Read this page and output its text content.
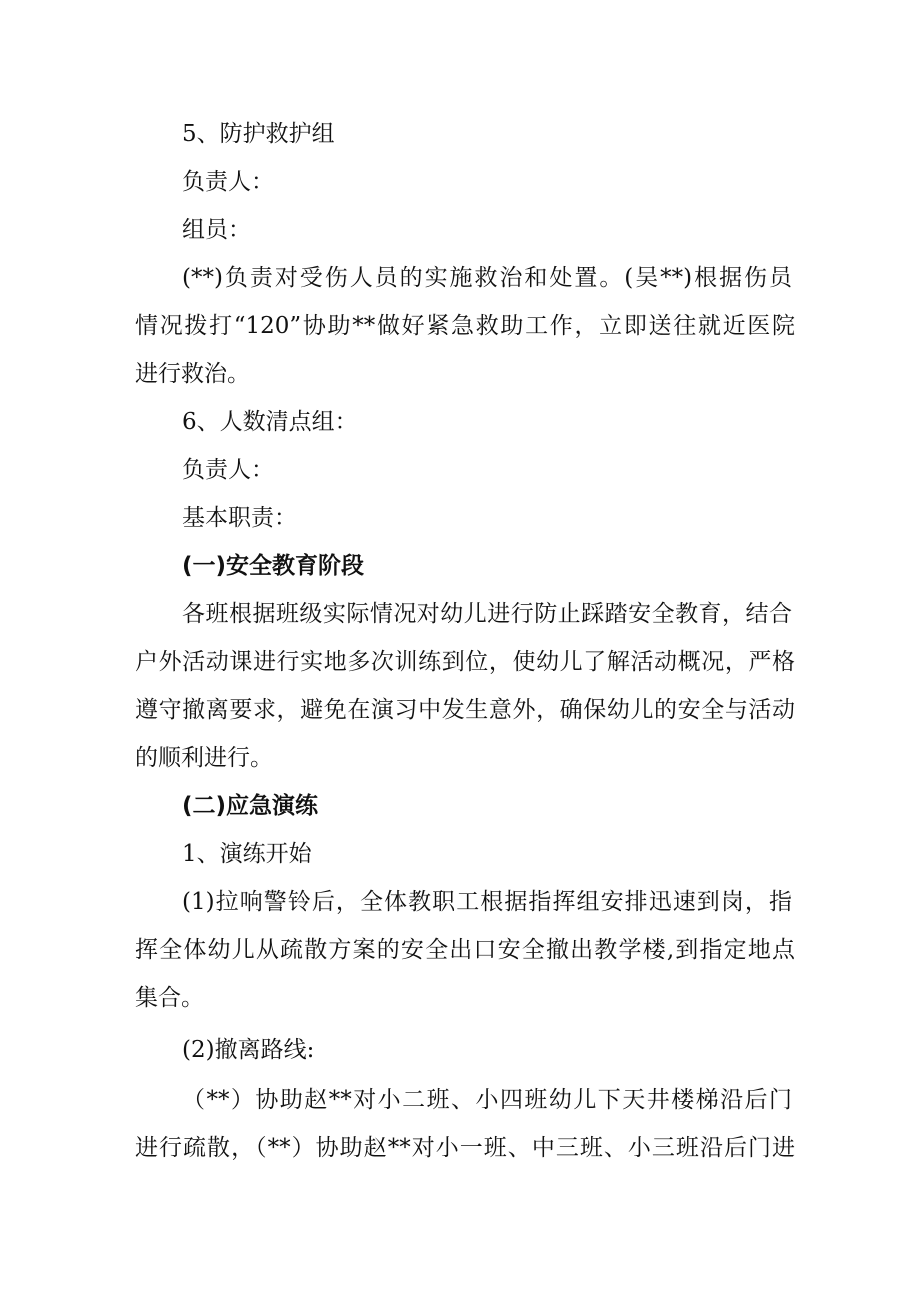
5、防护救护组
负责人：
组员：
(**)负责对受伤人员的实施救治和处置。(吴**)根据伤员
情况拨打“120”协助**做好紧急救助工作，立即送往就近医院
进行救治。
6、人数清点组：
负责人：
基本职责：
(一)安全教育阶段
各班根据班级实际情况对幼儿进行防止踩踏安全教育，结合
户外活动课进行实地多次训练到位，使幼儿了解活动概况，严格
遵守撤离要求，避免在演习中发生意外，确保幼儿的安全与活动
的顺利进行。
(二)应急演练
1、演练开始
(1)拉响警铃后，全体教职工根据指挥组安排迅速到岗，指
挥全体幼儿从疏散方案的安全出口安全撤出教学楼,到指定地点
集合。
(2)撤离路线:
（**）协助赵**对小二班、小四班幼儿下天井楼梯沿后门
进行疏散，（**）协助赵**对小一班、中三班、小三班沿后门进
